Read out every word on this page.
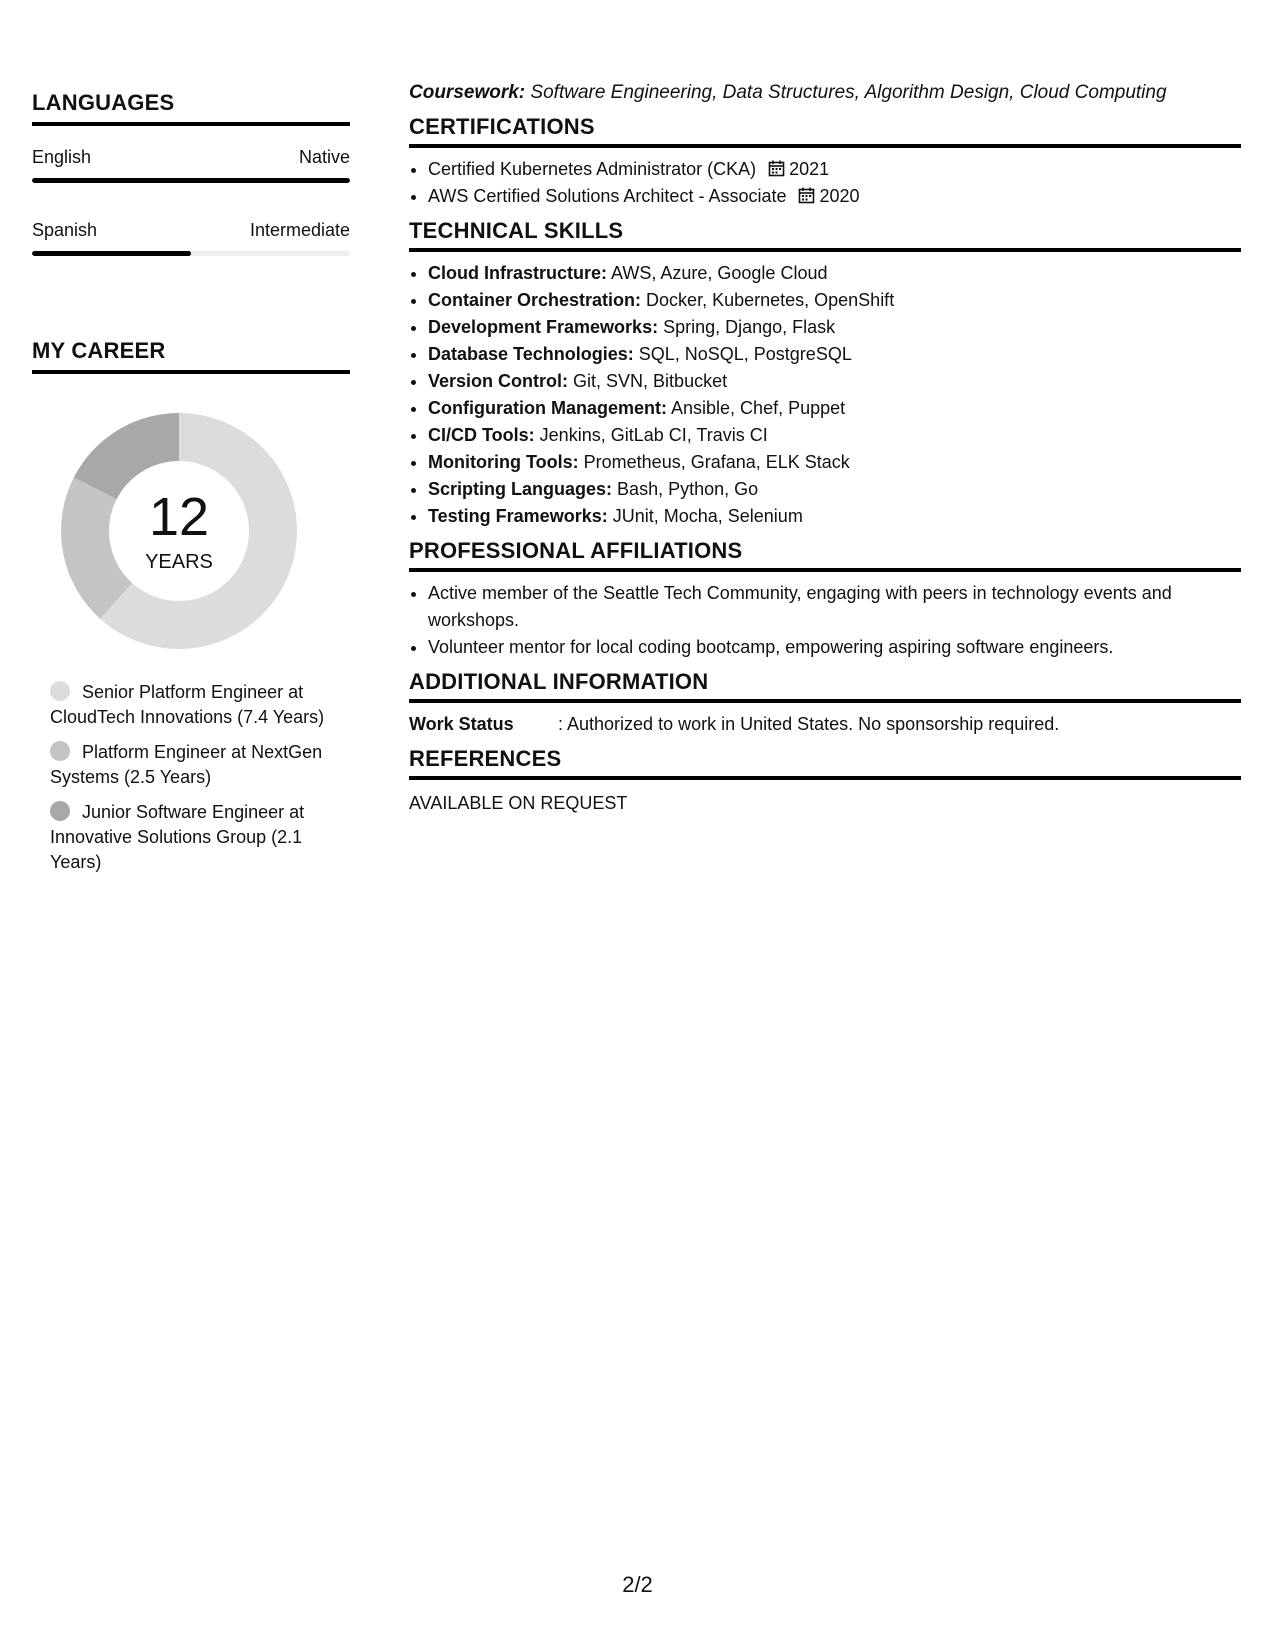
LANGUAGES
English	Native
Spanish	Intermediate
MY CAREER
12
YEARS
Senior Platform Engineer at CloudTech Innovations (7.4 Years)
Platform Engineer at NextGen Systems (2.5 Years)
Junior Software Engineer at Innovative Solutions Group (2.1 Years)

Coursework: Software Engineering, Data Structures, Algorithm Design, Cloud Computing

CERTIFICATIONS
• Certified Kubernetes Administrator (CKA) 2021
• AWS Certified Solutions Architect - Associate 2020
TECHNICAL SKILLS
• Cloud Infrastructure: AWS, Azure, Google Cloud
• Container Orchestration: Docker, Kubernetes, OpenShift
• Development Frameworks: Spring, Django, Flask
• Database Technologies: SQL, NoSQL, PostgreSQL
• Version Control: Git, SVN, Bitbucket
• Configuration Management: Ansible, Chef, Puppet
• CI/CD Tools: Jenkins, GitLab CI, Travis CI
• Monitoring Tools: Prometheus, Grafana, ELK Stack
• Scripting Languages: Bash, Python, Go
• Testing Frameworks: JUnit, Mocha, Selenium
PROFESSIONAL AFFILIATIONS
• Active member of the Seattle Tech Community, engaging with peers in technology events and workshops.
• Volunteer mentor for local coding bootcamp, empowering aspiring software engineers.
ADDITIONAL INFORMATION
Work Status	: Authorized to work in United States. No sponsorship required.
REFERENCES
AVAILABLE ON REQUEST
2/2
